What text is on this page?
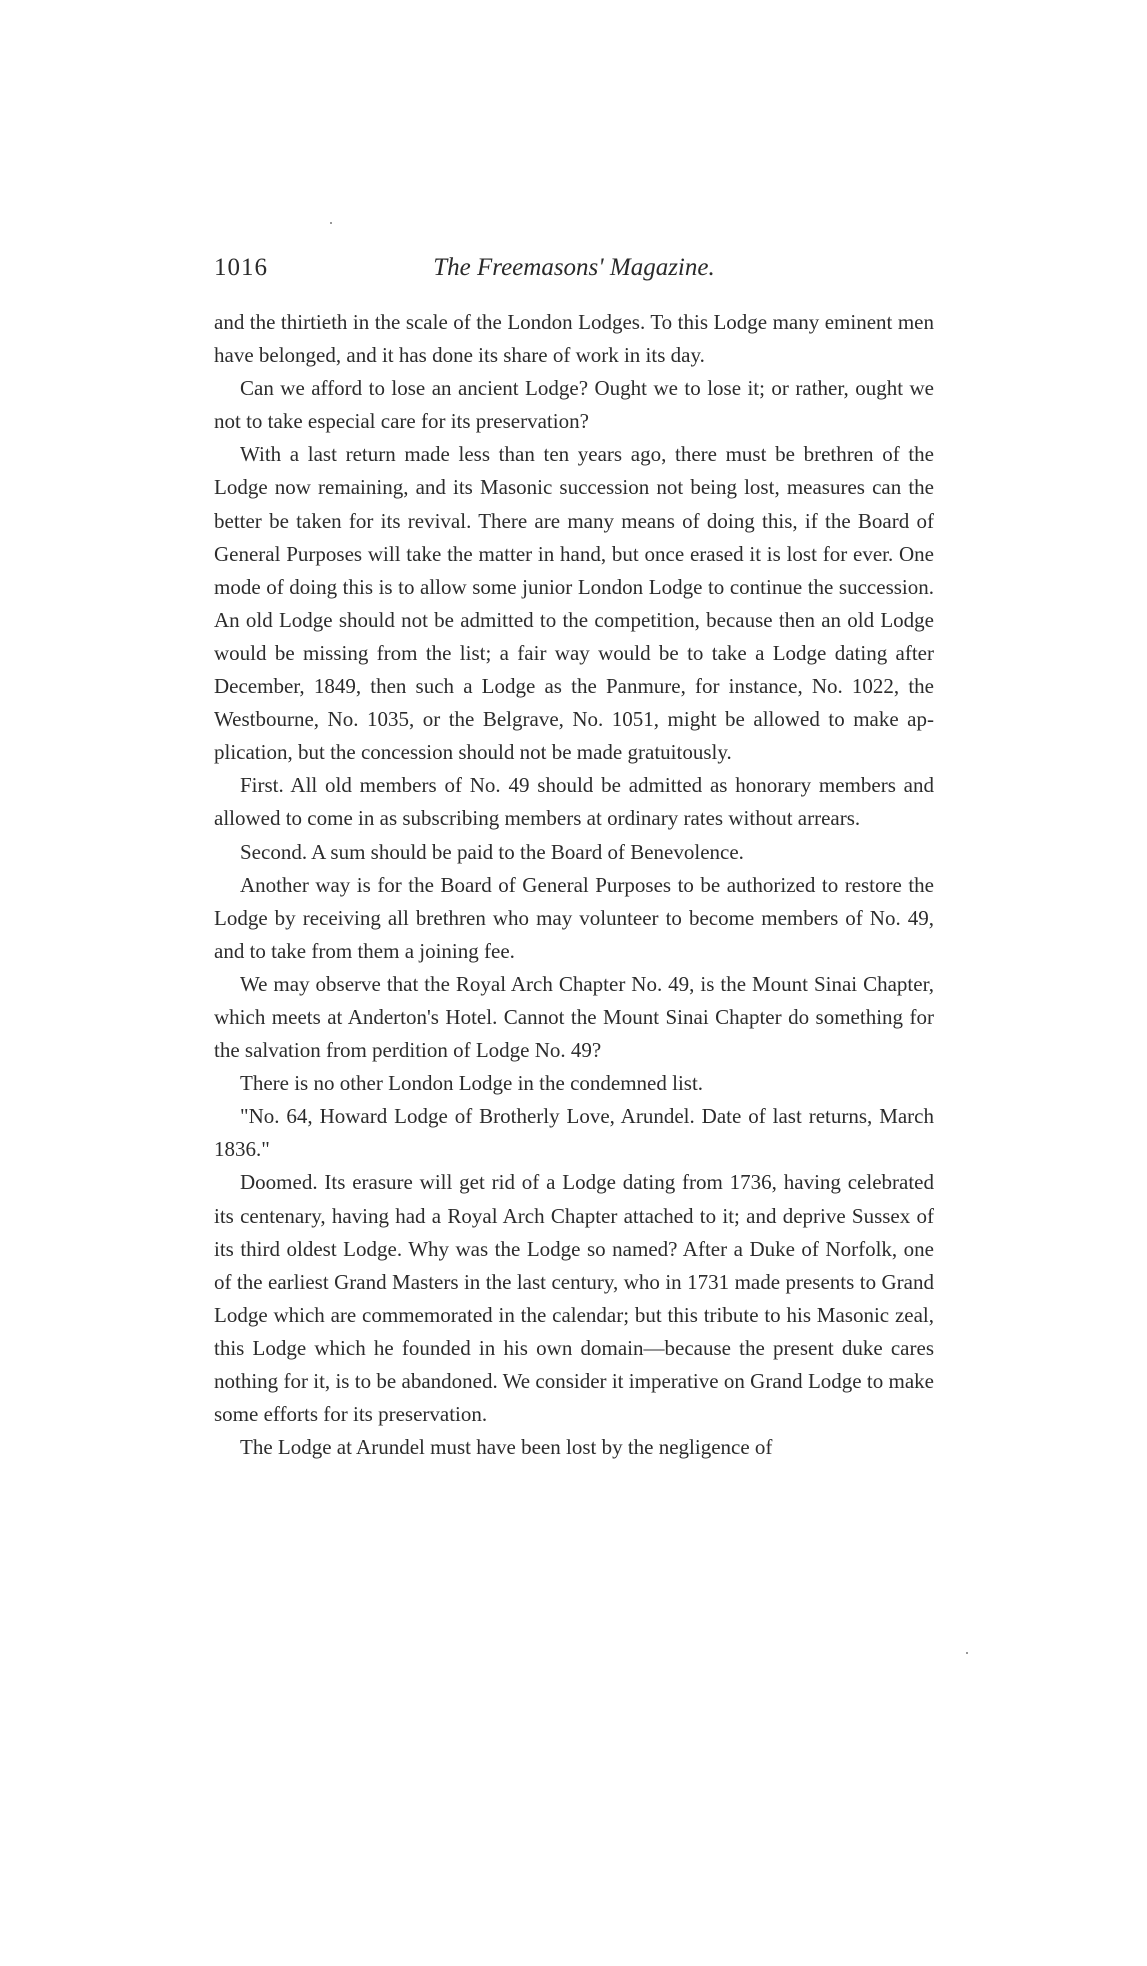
1016	The Freemasons' Magazine.

and the thirtieth in the scale of the London Lodges. To this Lodge many eminent men have belonged, and it has done its share of work in its day.

Can we afford to lose an ancient Lodge? Ought we to lose it; or rather, ought we not to take especial care for its preservation?

With a last return made less than ten years ago, there must be brethren of the Lodge now remaining, and its Masonic succession not being lost, measures can the better be taken for its revival. There are many means of doing this, if the Board of General Purposes will take the matter in hand, but once erased it is lost for ever. One mode of doing this is to allow some junior London Lodge to continue the succession. An old Lodge should not be admitted to the competition, because then an old Lodge would be missing from the list; a fair way would be to take a Lodge dating after December, 1849, then such a Lodge as the Panmure, for instance, No. 1022, the Westbourne, No. 1035, or the Belgrave, No. 1051, might be allowed to make application, but the concession should not be made gratuitously.

First. All old members of No. 49 should be admitted as honorary members and allowed to come in as subscribing members at ordinary rates without arrears.

Second. A sum should be paid to the Board of Benevolence.

Another way is for the Board of General Purposes to be authorized to restore the Lodge by receiving all brethren who may volunteer to become members of No. 49, and to take from them a joining fee.

We may observe that the Royal Arch Chapter No. 49, is the Mount Sinai Chapter, which meets at Anderton's Hotel. Cannot the Mount Sinai Chapter do something for the salvation from perdition of Lodge No. 49?

There is no other London Lodge in the condemned list.

"No. 64, Howard Lodge of Brotherly Love, Arundel. Date of last returns, March 1836."

Doomed. Its erasure will get rid of a Lodge dating from 1736, having celebrated its centenary, having had a Royal Arch Chapter attached to it; and deprive Sussex of its third oldest Lodge. Why was the Lodge so named? After a Duke of Norfolk, one of the earliest Grand Masters in the last century, who in 1731 made presents to Grand Lodge which are commemorated in the calendar; but this tribute to his Masonic zeal, this Lodge which he founded in his own domain—because the present duke cares nothing for it, is to be abandoned. We consider it imperative on Grand Lodge to make some efforts for its preservation.

The Lodge at Arundel must have been lost by the negligence of
